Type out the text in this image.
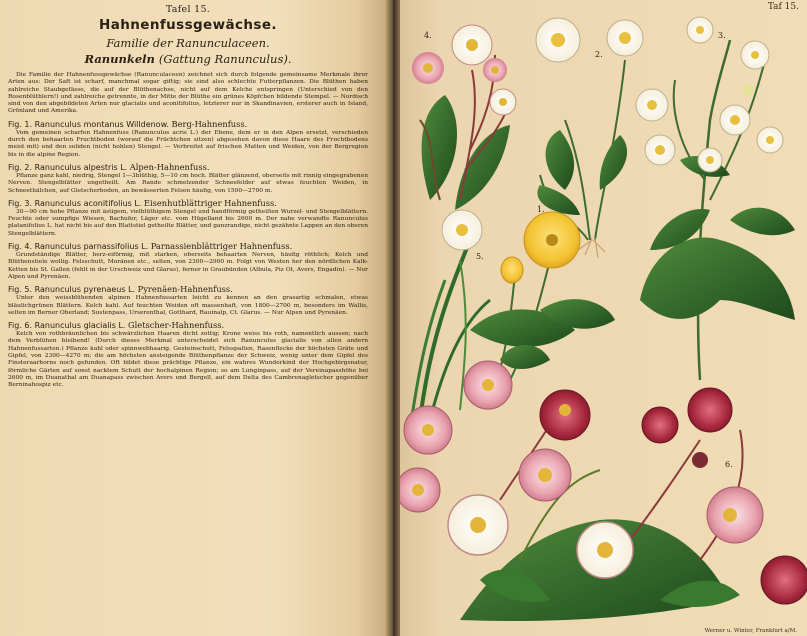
Tafel 15.
Hahnenfussgewächse.
Familie der Ranunculaceen.
Ranunkeln (Gattung Ranunculus).

Die Familie der Hahnenfussgewächse (Ranunculaceen) zeichnet sich durch folgende gemeinsame Merkmale ihrer Arten aus: Der Saft ist scharf, manchmal sogar giftig; sie sind also schlechte Futterpflanzen. Die Blüthen haben zahlreiche Staubgefässe, die auf der Blüthenachse, nicht auf dem Kelche entspringen (Unterschied von den Rosenblüthlern!) und zahlreiche getrennte, in der Mitte der Blüthe ein grünes Köpfchen bildende Stempel. — Nordisch sind von den abgebildeten Arten nur glacialis und aconitifolius, letzterer nur in Skandinavien, ersterer auch in Island, Grönland und Amerika.

Fig. 1. Ranunculus montanus Willdenow. Berg-Hahnenfuss.

Vom gemeinen scharfen Hahnenfuss (Ranunculus acris L.) der Ebene, dem er in den Alpen ersetzt, verschieden durch den behaarten Fruchtboden (worauf die Früchtchen sitzen) abgesehen davon diese Haare des Fruchtbodens meist mit) und den soliden (nicht hohlen) Stengel. — Verbreitet auf frischen Matten und Weiden, von der Bergregion bis in die alpine Region.

Fig. 2. Ranunculus alpestris L. Alpen-Hahnenfuss.

Pflanze ganz kahl, niedrig, Stengel 1—3blüthig, 5—10 cm hoch. Blätter glänzend, oberseits mit rinnig eingegrabenen Nerven. Stengelblätter ungetheilt. Am Rande schmelzender Schneefelder auf etwas feuchten Weiden, in Schneethälchen, auf Gletscherboden, an bewässerten Felsen häufig, von 1500—2700 m.

Fig. 3. Ranunculus aconitifolius L. Eisenhutblättriger Hahnenfuss.

30—90 cm hohe Pflanze mit ästigem, vielblüthigem Stengel und handförmig getheilten Wurzel- und Stengelblättern. Feuchte oder sumpfige Wiesen, Bachufer, Läger etc. vom Hügelland bis 2600 m. Der nahe verwandte Ranunculus platanifolius L. hat nicht bis auf den Blattstiel getheilte Blätter, und ganzrandige, nicht gezähnte Lappen an den oberen Stengelblättern.

Fig. 4. Ranunculus parnassifolius L. Parnassienblättriger Hahnenfuss.

Grundständige Blätter, herz-eiförmig, mit starken, oberseits behaarten Nerven, häufig röthlich; Kelch und Blüthenstiele wollig. Felsschutt, Moränen etc., selten, von 2300—2900 m. Folgt von Westen her den nördlichen Kalk-Ketten bis St. Gallen (fehlt in der Urschweiz und Glarus), ferner in Graubünden (Albula, Piz Ot, Avers, Engadin). — Nur Alpen und Pyrenäen.

Fig. 5. Ranunculus pyrenaeus L. Pyrenäen-Hahnenfuss.

Unter den weissblühenden alpinen Hahnenfussarten leicht zu kennen an den grasartig schmalen, etwas bläulichgrünen Blättern. Kelch kahl. Auf feuchten Weiden oft massenhaft, von 1800—2700 m, besonders im Wallis, selten im Berner Oberland; Sustenpass, Urserenthal, Gotthard, Rauinalp, Ct. Glarus. — Nur Alpen und Pyrenäen.

Fig. 6. Ranunculus glacialis L. Gletscher-Hahnenfuss.

Kelch von rothbräunlichen bis schwärzlichen Haaren dicht zottig; Krone weiss bis roth, namentlich aussen; nach dem Verblühen bleibend! (Durch dieses Merkmal unterscheidet sich Ranunculus glacialis von allen andern Hahnenfussarten.) Pflanze kahl oder spinnwebhaarig. Gesteinschutt, Felsspalten, Rasenflecke der höchsten Gräte und Gipfel, von 2300—4270 m; die am höchsten ansteigende Blüthenpflanze der Schweiz, wenig unter dem Gipfel des Finsteraarhorns noch gefunden. Oft bildet diese prächtige Pflanze, ein wahres Wunderkind der Hochgebirgsnatur, förmliche Gärten auf sonst nacktem Schutt der hochalpinen Region; so am Lunginpass, auf der Vereinapasshöhe bei 2600 m, im Duanathal am Duanapass zwischen Avers und Bergell, auf dem Delta des Cambrenagletscher gegenüber Berninahospiz etc.

Taf 15.
4.
2.
3.
1.
5.
6.
Werner u. Winter, Frankfurt a/M.
